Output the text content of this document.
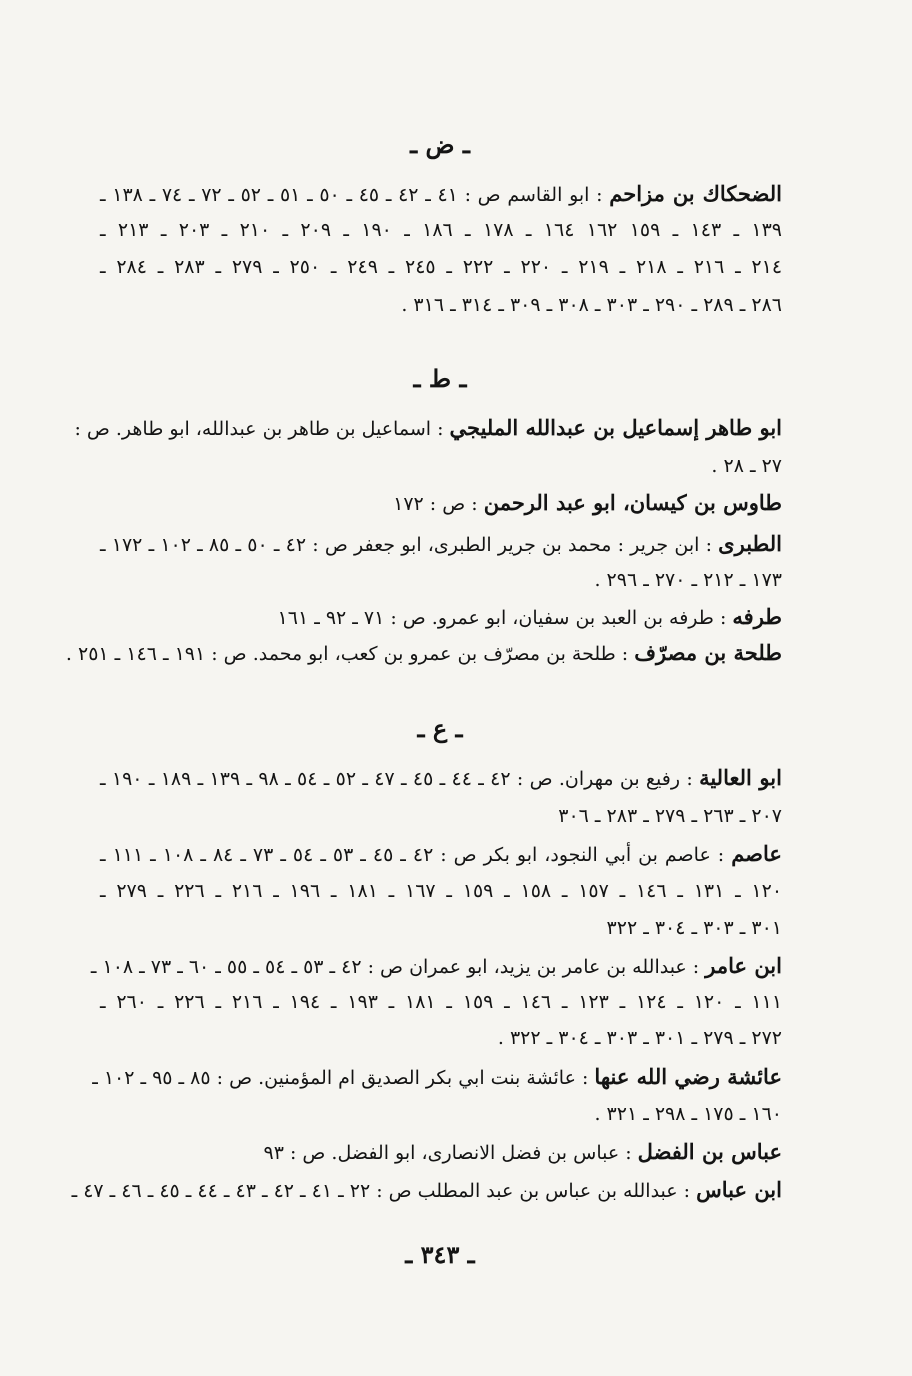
ـ ض ـ
الضحكاك بن مزاحم : ابو القاسم ص : ٤١ ـ ٤٢ ـ ٤٥ ـ ٥٠ ـ ٥١ ـ ٥٢ ـ ٧٢ ـ ٧٤ ـ ١٣٨ ـ
١٣٩ ـ ١٤٣ ـ ١٥٩ ١٦٢ ١٦٤ ـ ١٧٨ ـ ١٨٦ ـ ١٩٠ ـ ٢٠٩ ـ ٢١٠ ـ ٢٠٣ ـ ٢١٣ ـ
٢١٤ ـ ٢١٦ ـ ٢١٨ ـ ٢١٩ ـ ٢٢٠ ـ ٢٢٢ ـ ٢٤٥ ـ ٢٤٩ ـ ٢٥٠ ـ ٢٧٩ ـ ٢٨٣ ـ ٢٨٤ ـ
٢٨٦ ـ ٢٨٩ ـ ٢٩٠ ـ ٣٠٣ ـ ٣٠٨ ـ ٣٠٩ ـ ٣١٤ ـ ٣١٦ .
ـ ط ـ
ابو طاهر إسماعيل بن عبدالله المليجي : اسماعيل بن طاهر بن عبدالله، ابو طاهر. ص :
٢٧ ـ ٢٨ .
طاوس بن كيسان، ابو عبد الرحمن : ص : ١٧٢
الطبرى : ابن جرير : محمد بن جرير الطبرى، ابو جعفر ص : ٤٢ ـ ٥٠ ـ ٨٥ ـ ١٠٢ ـ ١٧٢ ـ
١٧٣ ـ ٢١٢ ـ ٢٧٠ ـ ٢٩٦ .
طرفه : طرفه بن العبد بن سفيان، ابو عمرو. ص : ٧١ ـ ٩٢ ـ ١٦١
طلحة بن مصرّف : طلحة بن مصرّف بن عمرو بن كعب، ابو محمد. ص : ١٩١ ـ ١٤٦ ـ ٢٥١ .
ـ ع ـ
ابو العالية : رفيع بن مهران. ص : ٤٢ ـ ٤٤ ـ ٤٥ ـ ٤٧ ـ ٥٢ ـ ٥٤ ـ ٩٨ ـ ١٣٩ ـ ١٨٩ ـ ١٩٠ ـ
٢٠٧ ـ ٢٦٣ ـ ٢٧٩ ـ ٢٨٣ ـ ٣٠٦
عاصم : عاصم بن أبي النجود، ابو بكر ص : ٤٢ ـ ٤٥ ـ ٥٣ ـ ٥٤ ـ ٧٣ ـ ٨٤ ـ ١٠٨ ـ ١١١ ـ
١٢٠ ـ ١٣١ ـ ١٤٦ ـ ١٥٧ ـ ١٥٨ ـ ١٥٩ ـ ١٦٧ ـ ١٨١ ـ ١٩٦ ـ ٢١٦ ـ ٢٢٦ ـ ٢٧٩ ـ
٣٠١ ـ ٣٠٣ ـ ٣٠٤ ـ ٣٢٢
ابن عامر : عبدالله بن عامر بن يزيد، ابو عمران ص : ٤٢ ـ ٥٣ ـ ٥٤ ـ ٥٥ ـ ٦٠ ـ ٧٣ ـ ١٠٨ ـ
١١١ ـ ١٢٠ ـ ١٢٤ ـ ١٢٣ ـ ١٤٦ ـ ١٥٩ ـ ١٨١ ـ ١٩٣ ـ ١٩٤ ـ ٢١٦ ـ ٢٢٦ ـ ٢٦٠ ـ
٢٧٢ ـ ٢٧٩ ـ ٣٠١ ـ ٣٠٣ ـ ٣٠٤ ـ ٣٢٢ .
عائشة رضي الله عنها : عائشة بنت ابي بكر الصديق ام المؤمنين. ص : ٨٥ ـ ٩٥ ـ ١٠٢ ـ
١٦٠ ـ ١٧٥ ـ ٢٩٨ ـ ٣٢١ .
عباس بن الفضل : عباس بن فضل الانصارى، ابو الفضل. ص : ٩٣
ابن عباس : عبدالله بن عباس بن عبد المطلب ص : ٢٢ ـ ٤١ ـ ٤٢ ـ ٤٣ ـ ٤٤ ـ ٤٥ ـ ٤٦ ـ ٤٧ ـ
ـ ٣٤٣ ـ
